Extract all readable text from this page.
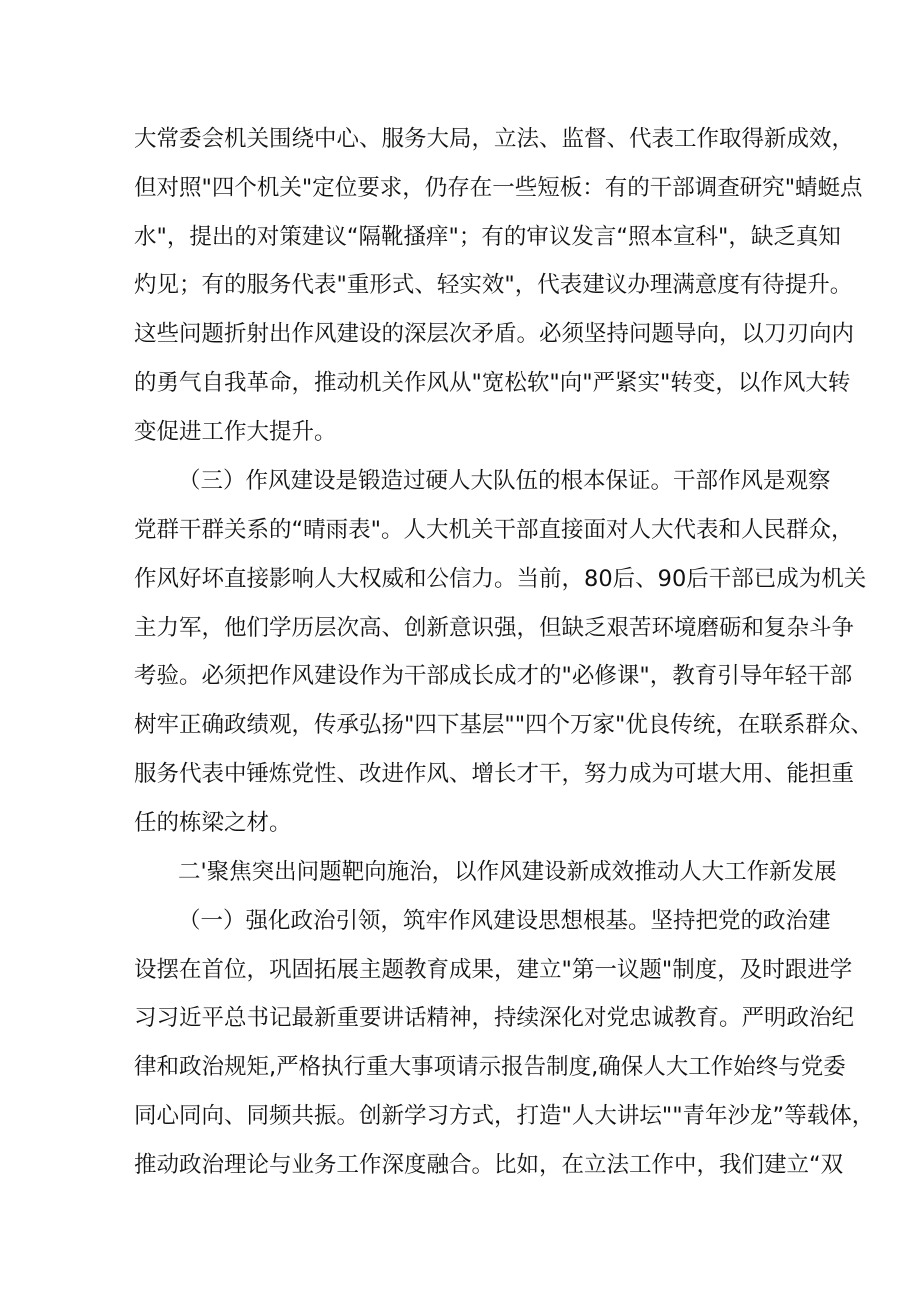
大常委会机关围绕中心、服务大局，立法、监督、代表工作取得新成效，
但对照"四个机关"定位要求，仍存在一些短板：有的干部调查研究"蜻蜓点
水"，提出的对策建议“隔靴搔痒"；有的审议发言“照本宣科"，缺乏真知
灼见；有的服务代表"重形式、轻实效"，代表建议办理满意度有待提升。
这些问题折射出作风建设的深层次矛盾。必须坚持问题导向，以刀刃向内
的勇气自我革命，推动机关作风从"宽松软"向"严紧实"转变，以作风大转
变促进工作大提升。
（三）作风建设是锻造过硬人大队伍的根本保证。干部作风是观察
党群干群关系的“晴雨表"。人大机关干部直接面对人大代表和人民群众，
作风好坏直接影响人大权威和公信力。当前，80后、90后干部已成为机关
主力军，他们学历层次高、创新意识强，但缺乏艰苦环境磨砺和复杂斗争
考验。必须把作风建设作为干部成长成才的"必修课"，教育引导年轻干部
树牢正确政绩观，传承弘扬"四下基层""四个万家"优良传统，在联系群众、
服务代表中锤炼党性、改进作风、增长才干，努力成为可堪大用、能担重
任的栋梁之材。
二'聚焦突出问题靶向施治，以作风建设新成效推动人大工作新发展
（一）强化政治引领，筑牢作风建设思想根基。坚持把党的政治建
设摆在首位，巩固拓展主题教育成果，建立"第一议题"制度，及时跟进学
习习近平总书记最新重要讲话精神，持续深化对党忠诚教育。严明政治纪
律和政治规矩,严格执行重大事项请示报告制度,确保人大工作始终与党委
同心同向、同频共振。创新学习方式，打造"人大讲坛""青年沙龙”等载体，
推动政治理论与业务工作深度融合。比如，在立法工作中，我们建立“双
